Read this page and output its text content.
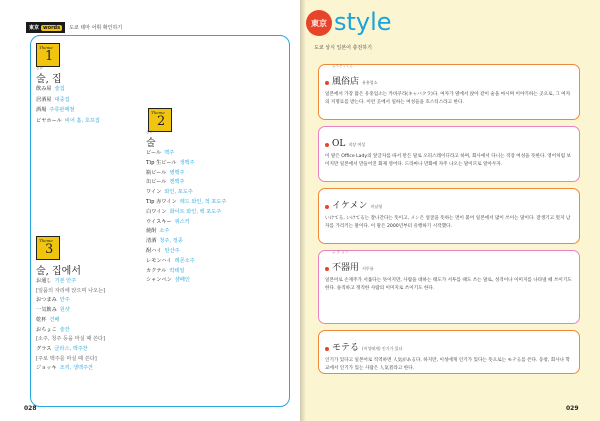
東京 words	도쿄 테마 어휘 확인하기
Theme
1
さけ
술, 집
飲み屋 술집
居酒屋 대중집
酒場 주류판매점
ビヤホール 비어 홀, 호프집
Theme
2
さけ
술
ビール 맥주
Tip 生ビール 생맥주
瓶ビール 병맥주
缶ビール 캔맥주
ワイン 와인, 포도주
Tip 赤ワイン 레드 와인, 적 포도주
白ワイン 화이트 와인, 백 포도주
ウイスキー 위스키
焼酎 소주
清酒 청주, 정종
酎ハイ 탄산주
レモンハイ 레몬소주
カクテル 칵테일
シャンペン 샴페인
Theme
3
술, 집에서
お通し 기본 안주
[일품의 자리에 앉으며 나오는]
おつまみ 안주
一気飲み 원샷
乾杯 건배
おちょこ 술잔
[소주, 청주 등을 마실 때 쓴다]
グラス 글라스, 맥주잔
[주로 맥주를 마실 때 쓴다]
ジョッキ 조끼, 생맥주잔
028
東京 style
도쿄 상식 일본어 충전하기
ふうぞくてん
風俗店 유흥업소
일본에서 가장 많은 유흥업소는 카바쿠라(キャバクラ)다. 여자가 옆에서 앉아 같이 술을 마시며 이야기하는 곳으로, 그 여자의 지명료를 받는다. 이런 곳에서 일하는 여성들을 호스티스라고 한다.
OL 직장 여성
이 말은 Office Lady의 앞글자를 따서 만든 말로 오피스레이디라고 하며, 회사에서 다니는 직장 여성을 뜻한다. 영어처럼 보이지만 일본에서 만들어진 화제 영어다. 드라마나 만화에 자주 나오는 말이므로 알아두자.
イケメン 미남형
いけてる, いけてる는 잘나간다는 뜻이고, メン은 얼굴을 뜻하는 면이 붙어 일본에서 많이 쓰이는 말이다. 잘생기고 멋지 남자를 가리키는 말이다. 이 말은 2000년부터 유행하기 시작했다.
ぶ き よう
不器用 서투름
일본어로 손재주가 서툴다는 뜻이지만, 사람을 대하는 태도가 서투를 때도 쓰는 말로, 성격이나 이미지를 나타낼 때 쓰이기도 한다. 솔직하고 정직한 사람의 이미지로 쓰이기도 한다.
モテる (이성에게) 인기가 있다
인기가 있다고 일본어로 직역하면 人気がある다. 하지만, 이성에게 인기가 있다는 뜻으로는 モテる를 쓴다. 동창, 회사나 학교에서 인기가 있는 사람은 人気者라고 한다.
029
